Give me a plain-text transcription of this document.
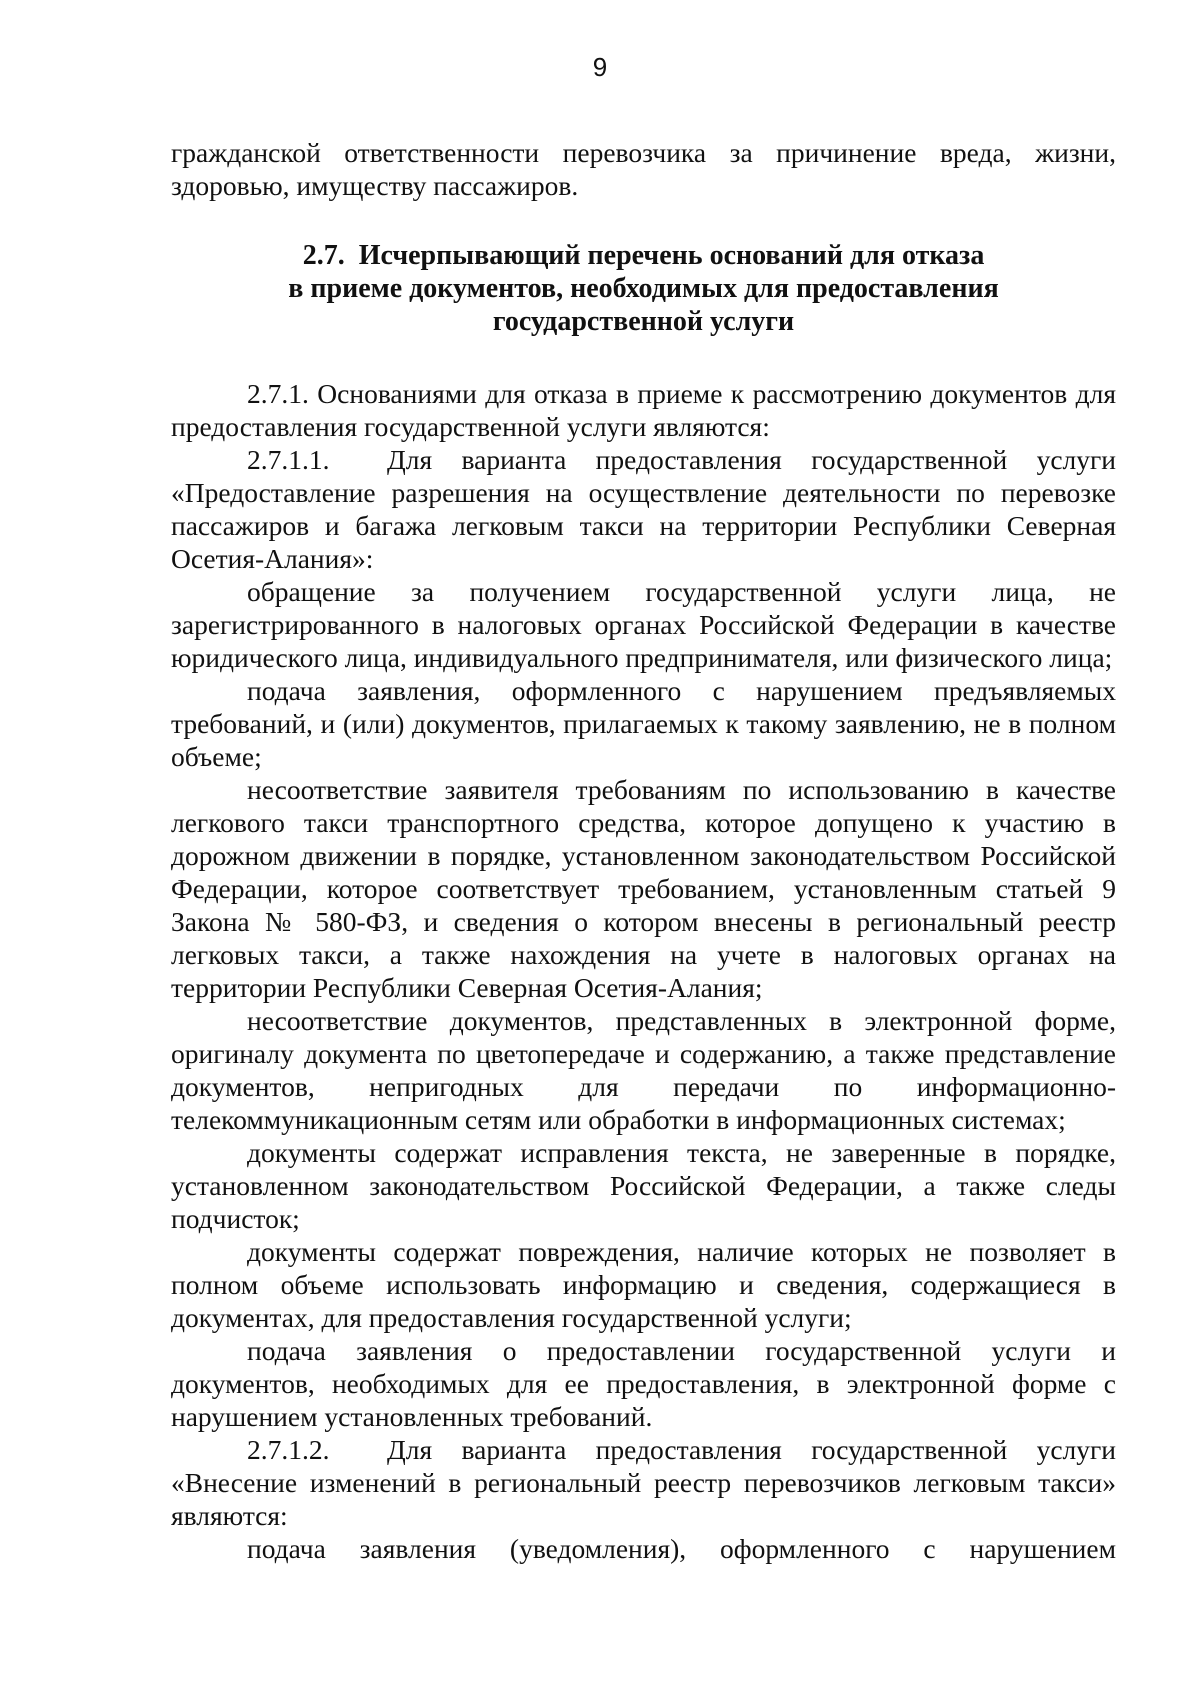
9

гражданской ответственности перевозчика за причинение вреда, жизни, здоровью, имуществу пассажиров.

2.7. Исчерпывающий перечень оснований для отказа
в приеме документов, необходимых для предоставления
государственной услуги

2.7.1. Основаниями для отказа в приеме к рассмотрению документов для предоставления государственной услуги являются:

2.7.1.1. Для варианта предоставления государственной услуги «Предоставление разрешения на осуществление деятельности по перевозке пассажиров и багажа легковым такси на территории Республики Северная Осетия-Алания»:

обращение за получением государственной услуги лица, не зарегистрированного в налоговых органах Российской Федерации в качестве юридического лица, индивидуального предпринимателя, или физического лица;

подача заявления, оформленного с нарушением предъявляемых требований, и (или) документов, прилагаемых к такому заявлению, не в полном объеме;

несоответствие заявителя требованиям по использованию в качестве легкового такси транспортного средства, которое допущено к участию в дорожном движении в порядке, установленном законодательством Российской Федерации, которое соответствует требованием, установленным статьей 9 Закона № 580-ФЗ, и сведения о котором внесены в региональный реестр легковых такси, а также нахождения на учете в налоговых органах на территории Республики Северная Осетия-Алания;

несоответствие документов, представленных в электронной форме, оригиналу документа по цветопередаче и содержанию, а также представление документов, непригодных для передачи по информационно-телекоммуникационным сетям или обработки в информационных системах;

документы содержат исправления текста, не заверенные в порядке, установленном законодательством Российской Федерации, а также следы подчисток;

документы содержат повреждения, наличие которых не позволяет в полном объеме использовать информацию и сведения, содержащиеся в документах, для предоставления государственной услуги;

подача заявления о предоставлении государственной услуги и документов, необходимых для ее предоставления, в электронной форме с нарушением установленных требований.

2.7.1.2. Для варианта предоставления государственной услуги «Внесение изменений в региональный реестр перевозчиков легковым такси» являются:

подача заявления (уведомления), оформленного с нарушением
